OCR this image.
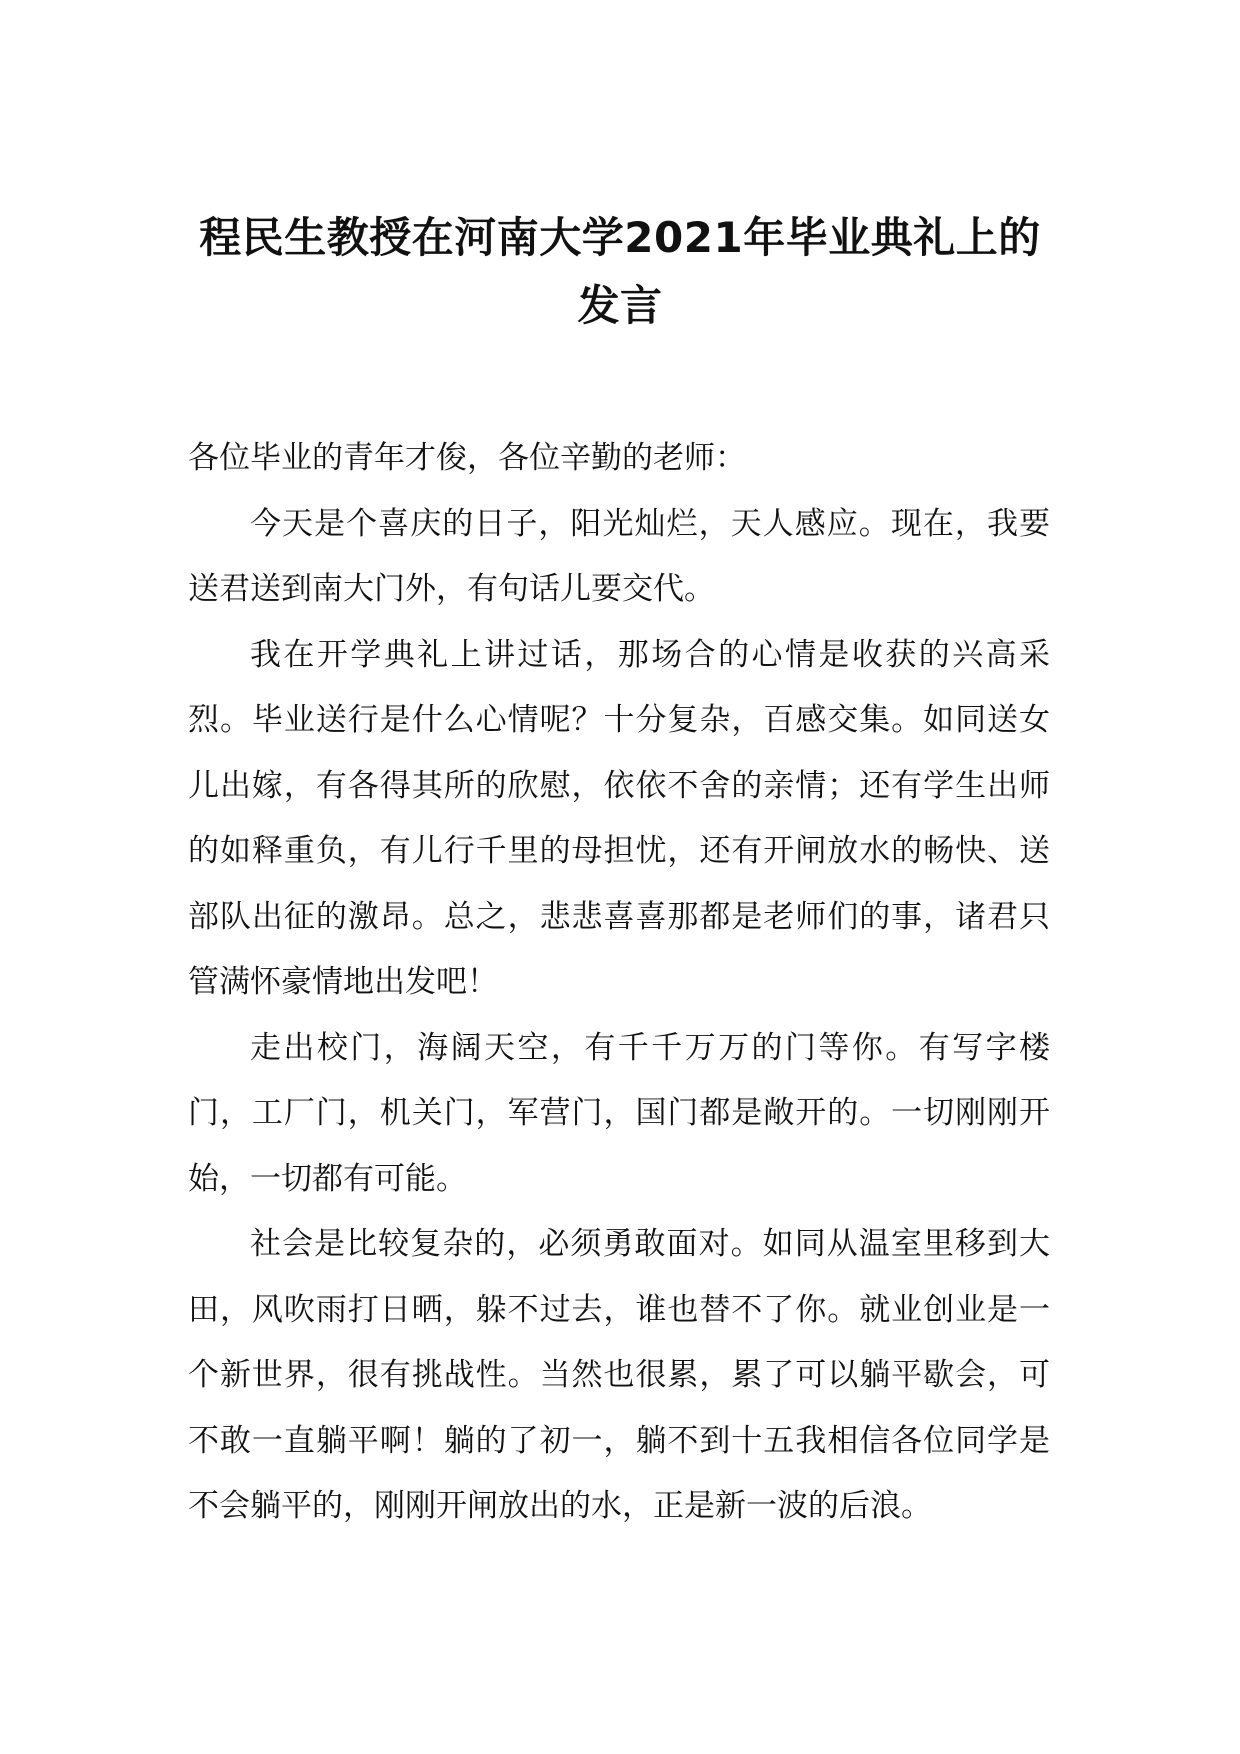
程民生教授在河南大学2021年毕业典礼上的发言

各位毕业的青年才俊，各位辛勤的老师：

今天是个喜庆的日子，阳光灿烂，天人感应。现在，我要送君送到南大门外，有句话儿要交代。

我在开学典礼上讲过话，那场合的心情是收获的兴高采烈。毕业送行是什么心情呢？十分复杂，百感交集。如同送女儿出嫁，有各得其所的欣慰，依依不舍的亲情；还有学生出师的如释重负，有儿行千里的母担忧，还有开闸放水的畅快、送部队出征的激昂。总之，悲悲喜喜那都是老师们的事，诸君只管满怀豪情地出发吧！

走出校门，海阔天空，有千千万万的门等你。有写字楼门，工厂门，机关门，军营门，国门都是敞开的。一切刚刚开始，一切都有可能。

社会是比较复杂的，必须勇敢面对。如同从温室里移到大田，风吹雨打日晒，躲不过去，谁也替不了你。就业创业是一个新世界，很有挑战性。当然也很累，累了可以躺平歇会，可不敢一直躺平啊！躺的了初一，躺不到十五我相信各位同学是不会躺平的，刚刚开闸放出的水，正是新一波的后浪。
